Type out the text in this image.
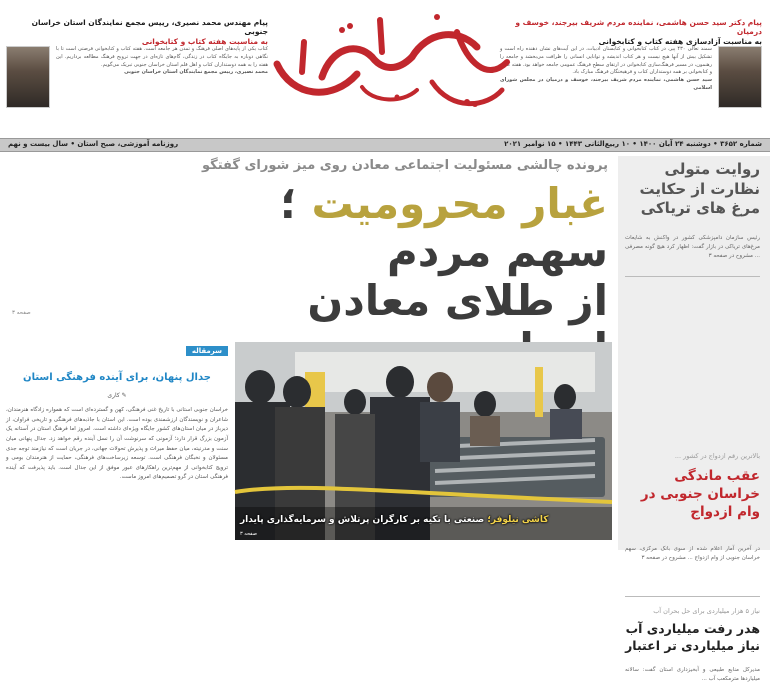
پیام دکتر سید حسن هاشمی، نماینده مردم شریف بیرجند، خوسف و درمیان
به مناسبت آزادسازی هفته کتاب و کتابخوانی
سمند تعالی ۴۳۰ پیر، در کتاب کتابخوانی و کتابستان ادبیات، در این آیت‌های نشان دهنده راه است و تشکیل بیش از آنها هیچ نیست و هر کتاب اندیشه و توانایی انسانی را ظرافت می‌بخشد و جامعه را رهنمون، در مسیر فرهنگ‌سازی کتابخوانی در ارتقای سطح فرهنگ عمومی جامعه خواهد بود. هفته کتاب و کتابخوانی بر همه دوستداران کتاب و فرهیختگان فرهنگ مبارک باد.
سید حسن هاشمی، نماینده مردم شریف بیرجند، خوسف و درمیان در مجلس شورای اسلامی
پیام مهندس محمد نصیری، رییس مجمع نمایندگان استان خراسان جنوبی
به مناسبت هفته کتاب و کتابخوانی
کتاب یکی از پایه‌های اصلی فرهنگ و تمدن هر جامعه است. هفته کتاب و کتابخوانی فرصتی است تا با نگاهی دوباره به جایگاه کتاب در زندگی، گام‌های تازه‌ای در جهت ترویج فرهنگ مطالعه برداریم. این هفته را به همه دوستداران کتاب و اهل قلم استان خراسان جنوبی تبریک می‌گویم.
محمد نصیری، رییس مجمع نمایندگان استان خراسان جنوبی
شماره ۳۶۵۲ • دوشنبه ۲۴ آبان ۱۴۰۰ • ۱۰ ربیع‌الثانی ۱۴۴۳ • ۱۵ نوامبر ۲۰۲۱
روزنامه آموزشی، صبح استان • سال بیست و نهم
روایت متولی نظارت از حکایت مرغ های تریاکی
رئیس سازمان دامپزشکی کشور در واکنش به شایعات مرغ‌های تریاکی در بازار گفت: اظهار کرد هیچ گونه مصرفی ... مشروح در صفحه ۳
بالاترین رقم ازدواج در کشور ...
عقب ماندگی خراسان جنوبی در وام ازدواج
در آخرین آمار اعلام شده از سوی بانک مرکزی، سهم خراسان جنوبی از وام ازدواج ... مشروح در صفحه ۳
نیاز ۵ هزار میلیاردی برای حل بحران آب
هدر رفت میلیاردی آب نیاز میلیاردی تر اعتبار
مدیرکل منابع طبیعی و آبخیزداری استان گفت: سالانه میلیاردها مترمکعب آب ...
پرونده چالشی مسئولیت اجتماعی معادن روی میز شورای گفتگو
غبار محرومیت ؛ سهم مردم
از طلای معادن
صفحه ۳
کاشی نیلوفر؛ صنعتی با تکیه بر کارگران پرتلاش و سرمایه‌گذاری پایدار
صفحه ۳
سرمقاله
جدال پنهان، برای آینده فرهنگی استان
✎ کاری
خراسان جنوبی استانی با تاریخ غنی فرهنگی، کهن و گسترده‌ای است که همواره زادگاه هنرمندان، شاعران و نویسندگان ارزشمندی بوده است. این استان با جاذبه‌های فرهنگی و تاریخی فراوان، از دیرباز در میان استان‌های کشور جایگاه ویژه‌ای داشته است. امروز اما فرهنگ استان در آستانه یک آزمون بزرگ قرار دارد؛ آزمونی که سرنوشت آن را نسل آینده رقم خواهد زد. جدال پنهانی میان سنت و مدرنیته، میان حفظ میراث و پذیرش تحولات جهانی، در جریان است که نیازمند توجه جدی مسئولان و نخبگان فرهنگی است. توسعه زیرساخت‌های فرهنگی، حمایت از هنرمندان بومی و ترویج کتابخوانی از مهم‌ترین راهکارهای عبور موفق از این جدال است. باید پذیرفت که آینده فرهنگی استان در گرو تصمیم‌های امروز ماست.
